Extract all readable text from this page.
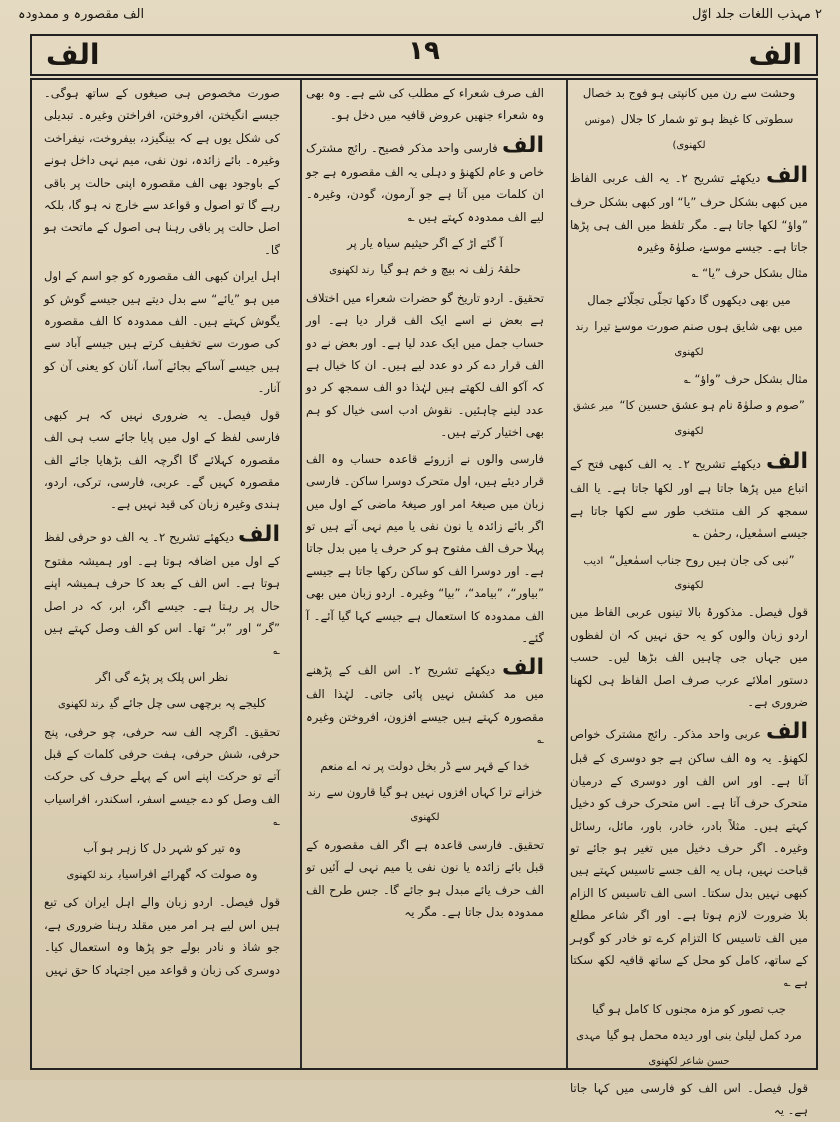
۲ مہذب اللغات جلد اوّل
الف مقصورہ و ممدودہ
الف
۱۹
الف
وحشت سے رن میں کانپتی ہو فوج بد خصال
سطوتی کا غیظ ہو تو شمار کا جلال(مونس لکھنوی)

الف دیکھئے تشریح ۲۔ یہ الف عربی الفاظ میں کبھی بشکل حرف ”یا“ اور کبھی بشکل حرف ”واؤ“ لکھا جاتا ہے۔ مگر تلفظ میں الف ہی پڑھا جاتا ہے۔ جیسے موسےٰ، صلوٰۃ وغیرہ

مثال بشکل حرف ”یا“ ؎

میں بھی دیکھوں گا دکھا تجلّی تجلّائے جمال
میں بھی شایق ہوں صنم صورت موسےٰ تیرارند لکھنوی

مثال بشکل حرف ”واؤ“ ؎

”صوم و صلوٰۃ نام ہو عشق حسین کا“میر عشق لکھنوی

الف دیکھئے تشریح ۲۔ یہ الف کبھی فتح کے اتباع میں پڑھا جاتا ہے اور لکھا جاتا ہے۔ یا الف سمجھ کر الف منتخب طور سے لکھا جاتا ہے جیسے اسمٰعیل، رحمٰن ؎

”نبی کی جان ہیں روح جناب اسمٰعیل“ادیب لکھنوی

قول فیصل۔ مذکورۂ بالا تینوں عربی الفاظ میں اردو زبان والوں کو یہ حق نہیں کہ ان لفظوں میں جہاں جی چاہیں الف بڑھا لیں۔ حسب دستور املائے عرب صرف اصل الفاظ ہی لکھنا ضروری ہے۔

الف عربی واحد مذکر۔ رائج مشترک خواص لکھنؤ۔ یہ وہ الف ساکن ہے جو دوسری کے قبل آتا ہے۔ اور اس الف اور دوسری کے درمیان متحرک حرف آتا ہے۔ اس متحرک حرف کو دخیل کہتے ہیں۔ مثلاً بادر، خادر، باور، مائل، رسائل وغیرہ۔ اگر حرف دخیل میں تغیر ہو جائے تو قباحت نہیں، ہاں یہ الف جسے تاسیس کہتے ہیں کبھی نہیں بدل سکتا۔ اسی الف تاسیس کا الزام بلا ضرورت لازم ہوتا ہے۔ اور اگر شاعر مطلع میں الف تاسیس کا التزام کرے تو خادر کو گوہر کے ساتھ، کامل کو محل کے ساتھ قافیہ لکھ سکتا ہے ؎

جب تصور کو مزہ مجنوں کا کامل ہو گیا
مرد کمل لیلیٰ بنی اور دیدہ محمل ہو گیامہدی حسن شاعر لکھنوی

قول فیصل۔ اس الف کو فارسی میں کہا جاتا ہے۔ یہ

الف صرف شعراء کے مطلب کی شے ہے۔ وہ بھی وہ شعراء جنھیں عروض قافیہ میں دخل ہو۔

الف فارسی واحد مذکر فصیح۔ رائج مشترک خاص و عام لکھنؤ و دہلی یہ الف مقصورہ ہے جو ان کلمات میں آتا ہے جو آرمون، گودن، وغیرہ۔ لیے الف ممدودہ کہتے ہیں ؎

آ گئے اڑ کے اگر حیثیم سیاہ یار پر
حلقۂ زلف نہ بیچ و خم ہو گیارند لکھنوی

تحقیق۔ اردو تاریخ گو حضرات شعراء میں اختلاف ہے بعض نے اسے ایک الف قرار دیا ہے۔ اور حساب جمل میں ایک عدد لیا ہے۔ اور بعض نے دو الف قرار دے کر دو عدد لیے ہیں۔ ان کا خیال ہے کہ آکو الف لکھتے ہیں لہٰذا دو الف سمجھ کر دو عدد لینے چاہئیں۔ نقوش ادب اسی خیال کو ہم بھی اختیار کرتے ہیں۔

فارسی والوں نے ازروئے قاعدہ حساب وہ الف قرار دیئے ہیں، اول متحرک دوسرا ساکن۔ فارسی زبان میں صیغۂ امر اور صیغۂ ماضی کے اول میں اگر بائے زائدہ یا نون نفی یا میم نہی آتے ہیں تو پہلا حرف الف مفتوح ہو کر حرف یا میں بدل جاتا ہے۔ اور دوسرا الف کو ساکن رکھا جاتا ہے جیسے ”بیاور“، ”بیامد“، ”بیا“ وغیرہ۔ اردو زبان میں بھی الف ممدودہ کا استعمال ہے جیسے کہا گیا آئے۔ آ گئے۔

الف دیکھئے تشریح ۲۔ اس الف کے پڑھنے میں مد کشش نہیں پائی جاتی۔ لہٰذا الف مقصورہ کہتے ہیں جیسے افزون، افروختن وغیرہ ؎

خدا کے قہر سے ڈر بخل دولت پر نہ اے منعم
خزانے ترا کہاں افزوں نہیں ہو گیا قارون سےرند لکھنوی

تحقیق۔ فارسی قاعدہ ہے اگر الف مقصورہ کے قبل بائے زائدہ یا نون نفی یا میم نہی لے آئیں تو الف حرف یائے مبدل ہو جائے گا۔ جس طرح الف ممدودہ بدل جاتا ہے۔ مگر یہ

صورت مخصوص ہی صیغوں کے ساتھ ہوگی۔ جیسے انگیختن، افروختن، افراختن وغیرہ۔ تبدیلی کی شکل یوں ہے کہ بینگیزد، بیفروخت، نیفراخت وغیرہ۔ بائے زائدہ، نون نفی، میم نہی داخل ہونے کے باوجود بھی الف مقصورہ اپنی حالت پر باقی رہے گا تو اصول و قواعد سے خارج نہ ہو گا، بلکہ اصل حالت پر باقی رہنا ہی اصول کے ماتحت ہو گا۔

اہل ایران کبھی الف مقصورہ کو جو اسم کے اول میں ہو ”یائے“ سے بدل دیتے ہیں جیسے گوش کو یگوش کہتے ہیں۔ الف ممدودہ کا الف مقصورہ کی صورت سے تخفیف کرتے ہیں جیسے آباد سے ہیں جیسے آساکے بجائے آسا، آنان کو یعنی آن کو آنار۔

قول فیصل۔ یہ ضروری نہیں کہ ہر کبھی فارسی لفظ کے اول میں پایا جائے سب ہی الف مقصورہ کہلائے گا اگرچہ الف بڑھایا جائے الف مقصورہ کہیں گے۔ عربی، فارسی، ترکی، اردو، ہندی وغیرہ زبان کی قید نہیں ہے۔

الف دیکھئے تشریح ۲۔ یہ الف دو حرفی لفظ کے اول میں اضافہ ہوتا ہے۔ اور ہمیشہ مفتوح ہوتا ہے۔ اس الف کے بعد کا حرف ہمیشہ اپنے حال پر رہتا ہے۔ جیسے اگر، ابر، کہ در اصل ”گر“ اور ”بر“ تھا۔ اس کو الف وصل کہتے ہیں ؎

نظر اس پلک پر پڑے گی اگر
کلیجے پہ برچھی سی چل جائے گیرند لکھنوی

تحقیق۔ اگرچہ الف سہ حرفی، چو حرفی، پنج حرفی، شش حرفی، ہفت حرفی کلمات کے قبل آتے تو حرکت اپنے اس کے پہلے حرف کی حرکت الف وصل کو دے جیسے اسفر، اسکندر، افراسیاب ؎

وہ تیر کو شہر دل کا زہر ہو آب
وہ صولت کہ گھرائے افراسیابرند لکھنوی

قول فیصل۔ اردو زبان والے اہل ایران کی تبع ہیں اس لیے ہر امر میں مقلد رہنا ضروری ہے، جو شاذ و نادر بولے جو پڑھا وہ استعمال کیا۔ دوسری کی زبان و قواعد میں اجتہاد کا حق نہیں
